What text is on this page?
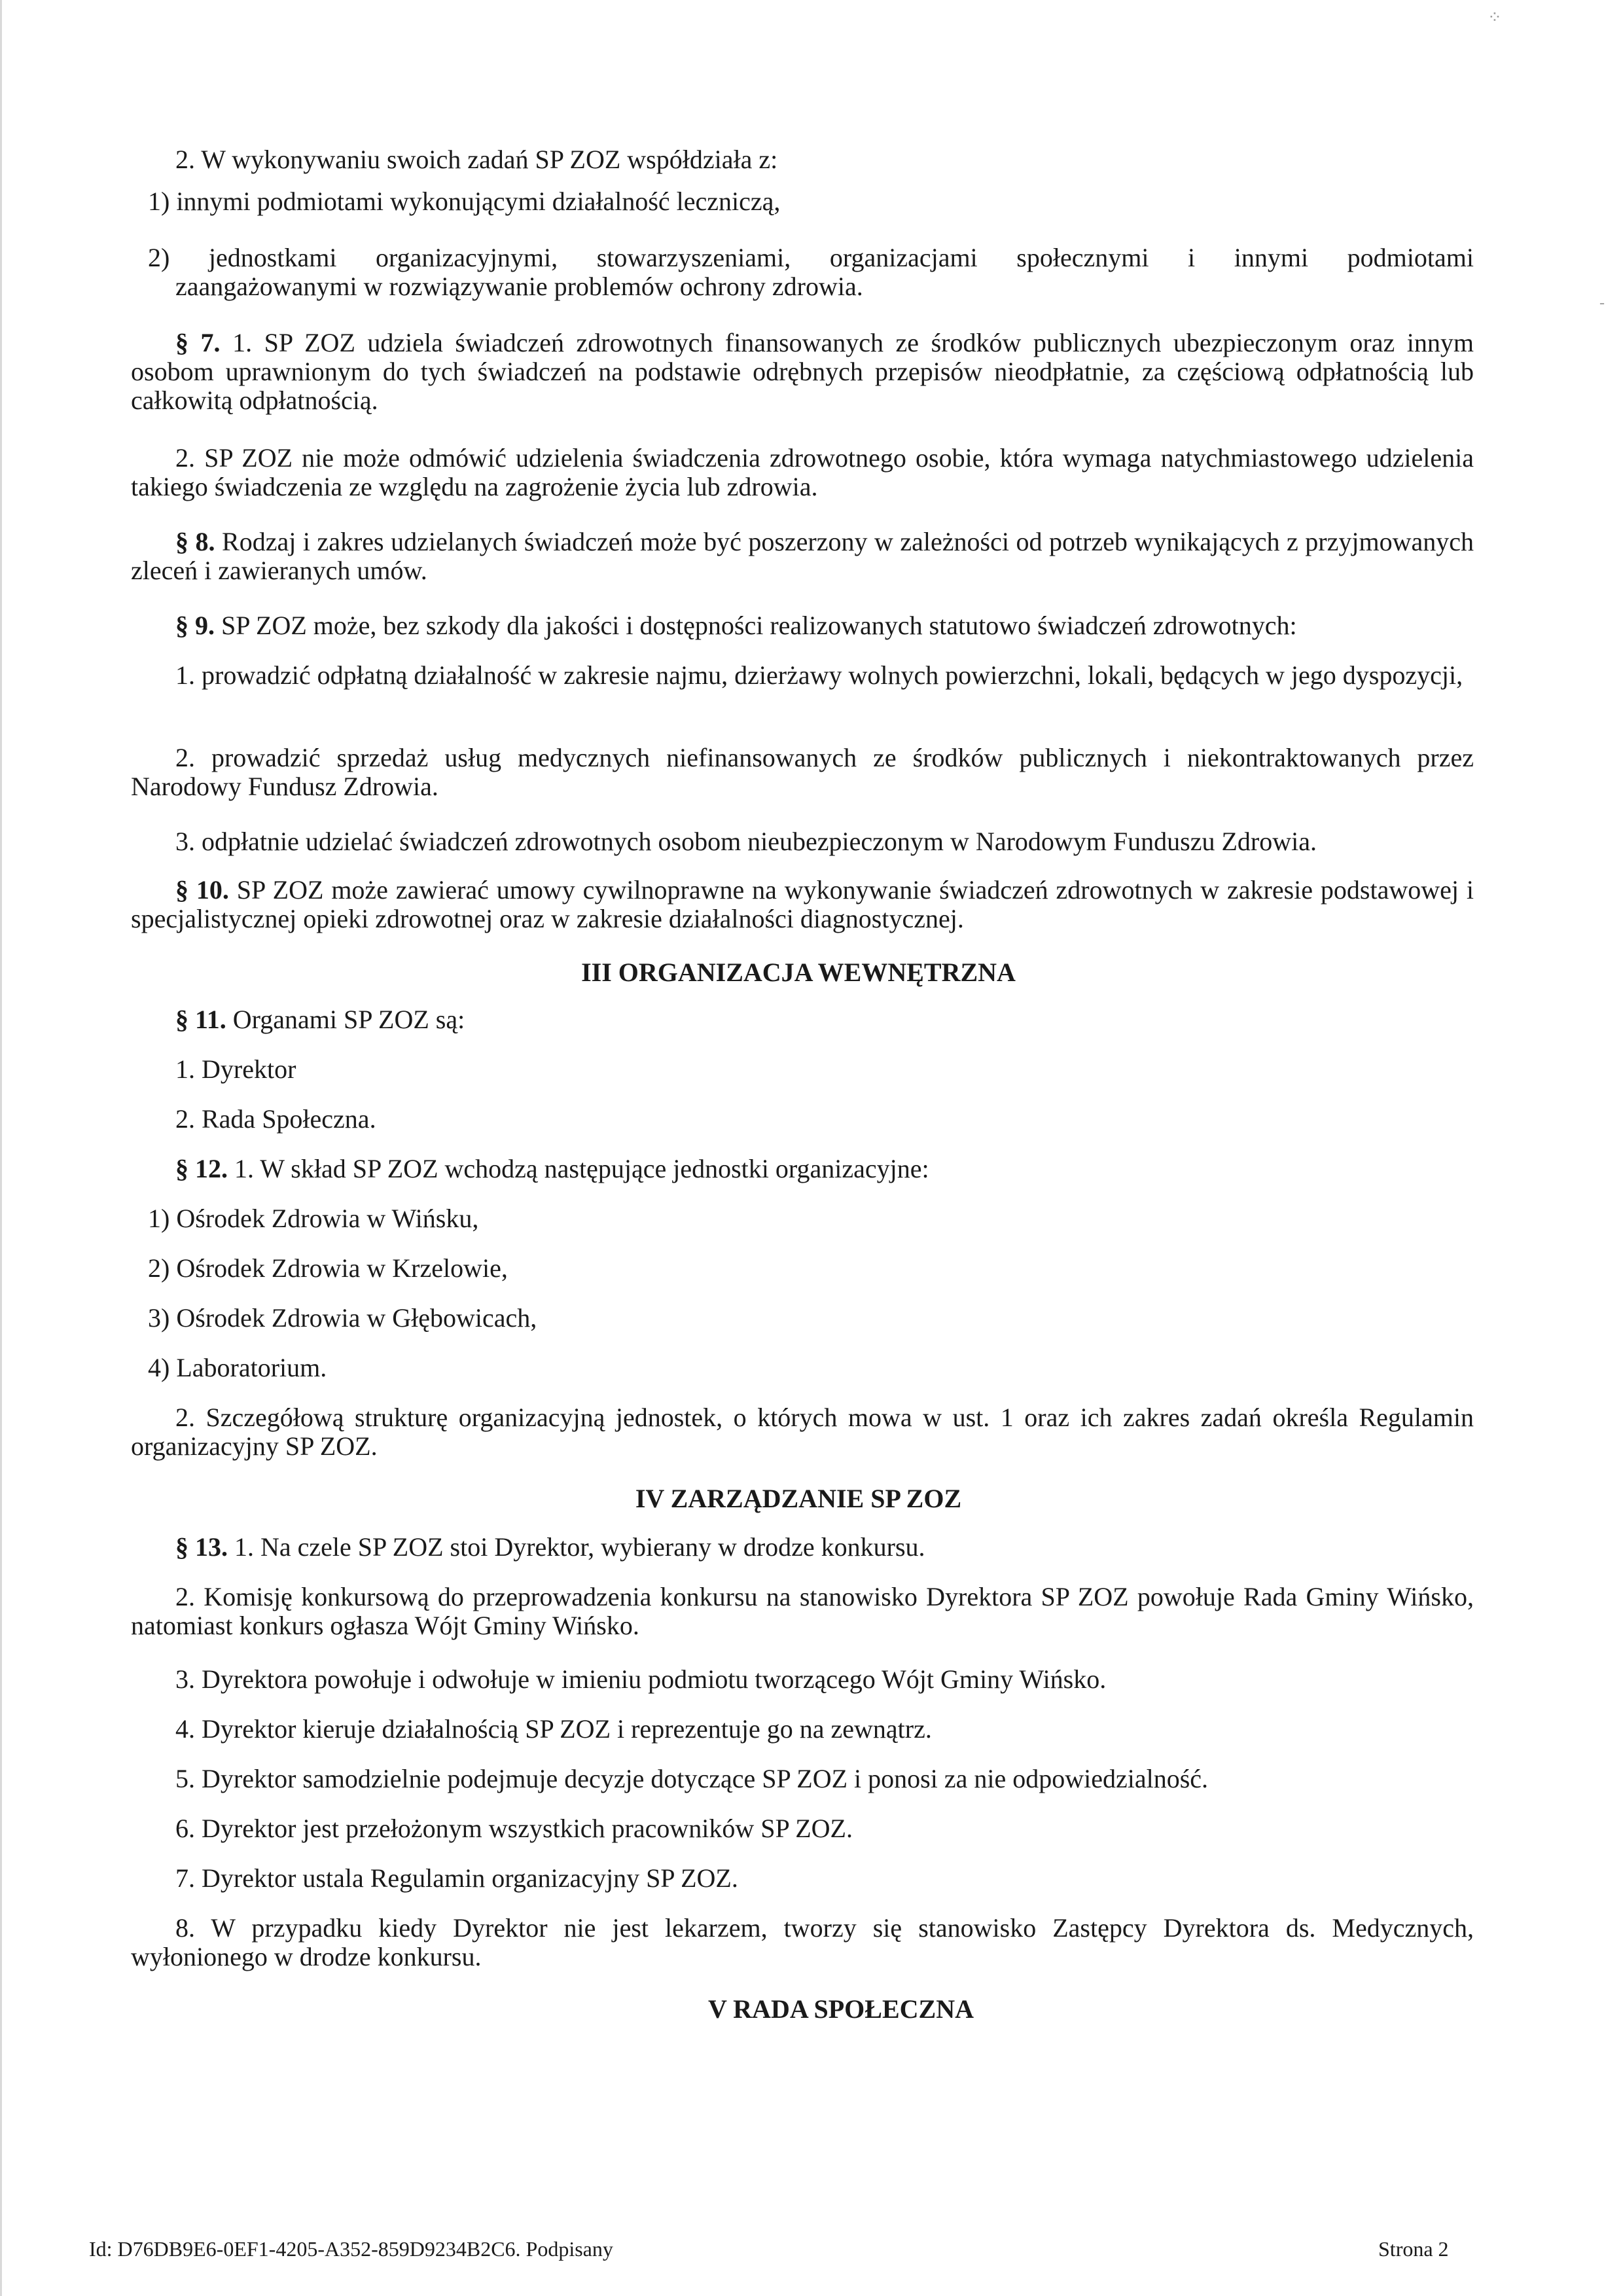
⁘
-

2. W wykonywaniu swoich zadań SP ZOZ współdziała z:

1) innymi podmiotami wykonującymi działalność leczniczą,

2) jednostkami organizacyjnymi, stowarzyszeniami, organizacjami społecznymi i innymi podmiotami

zaangażowanymi w rozwiązywanie problemów ochrony zdrowia.

§ 7. 1. SP ZOZ udziela świadczeń zdrowotnych finansowanych ze środków publicznych ubezpieczonym oraz innym osobom uprawnionym do tych świadczeń na podstawie odrębnych przepisów nieodpłatnie, za częściową odpłatnością lub całkowitą odpłatnością.

2. SP ZOZ nie może odmówić udzielenia świadczenia zdrowotnego osobie, która wymaga natychmiastowego udzielenia takiego świadczenia ze względu na zagrożenie życia lub zdrowia.

§ 8. Rodzaj i zakres udzielanych świadczeń może być poszerzony w zależności od potrzeb wynikających z przyjmowanych zleceń i zawieranych umów.

§ 9. SP ZOZ może, bez szkody dla jakości i dostępności realizowanych statutowo świadczeń zdrowotnych:

1. prowadzić odpłatną działalność w zakresie najmu, dzierżawy wolnych powierzchni, lokali, będących w jego dyspozycji,

2. prowadzić sprzedaż usług medycznych niefinansowanych ze środków publicznych i niekontraktowanych przez Narodowy Fundusz Zdrowia.

3. odpłatnie udzielać świadczeń zdrowotnych osobom nieubezpieczonym w Narodowym Funduszu Zdrowia.

§ 10. SP ZOZ może zawierać umowy cywilnoprawne na wykonywanie świadczeń zdrowotnych w zakresie podstawowej i specjalistycznej opieki zdrowotnej oraz w zakresie działalności diagnostycznej.

III ORGANIZACJA WEWNĘTRZNA

§ 11. Organami SP ZOZ są:

1. Dyrektor

2. Rada Społeczna.

§ 12. 1. W skład SP ZOZ wchodzą następujące jednostki organizacyjne:

1) Ośrodek Zdrowia w Wińsku,

2) Ośrodek Zdrowia w Krzelowie,

3) Ośrodek Zdrowia w Głębowicach,

4) Laboratorium.

2. Szczegółową strukturę organizacyjną jednostek, o których mowa w ust. 1 oraz ich zakres zadań określa Regulamin organizacyjny SP ZOZ.

IV ZARZĄDZANIE SP ZOZ

§ 13. 1. Na czele SP ZOZ stoi Dyrektor, wybierany w drodze konkursu.

2. Komisję konkursową do przeprowadzenia konkursu na stanowisko Dyrektora SP ZOZ powołuje Rada Gminy Wińsko, natomiast konkurs ogłasza Wójt Gminy Wińsko.

3. Dyrektora powołuje i odwołuje w imieniu podmiotu tworzącego Wójt Gminy Wińsko.

4. Dyrektor kieruje działalnością SP ZOZ i reprezentuje go na zewnątrz.

5. Dyrektor samodzielnie podejmuje decyzje dotyczące SP ZOZ i ponosi za nie odpowiedzialność.

6. Dyrektor jest przełożonym wszystkich pracowników SP ZOZ.

7. Dyrektor ustala Regulamin organizacyjny SP ZOZ.

8. W przypadku kiedy Dyrektor nie jest lekarzem, tworzy się stanowisko Zastępcy Dyrektora ds. Medycznych, wyłonionego w drodze konkursu.

V RADA SPOŁECZNA
Id: D76DB9E6-0EF1-4205-A352-859D9234B2C6. Podpisany	Strona 2
